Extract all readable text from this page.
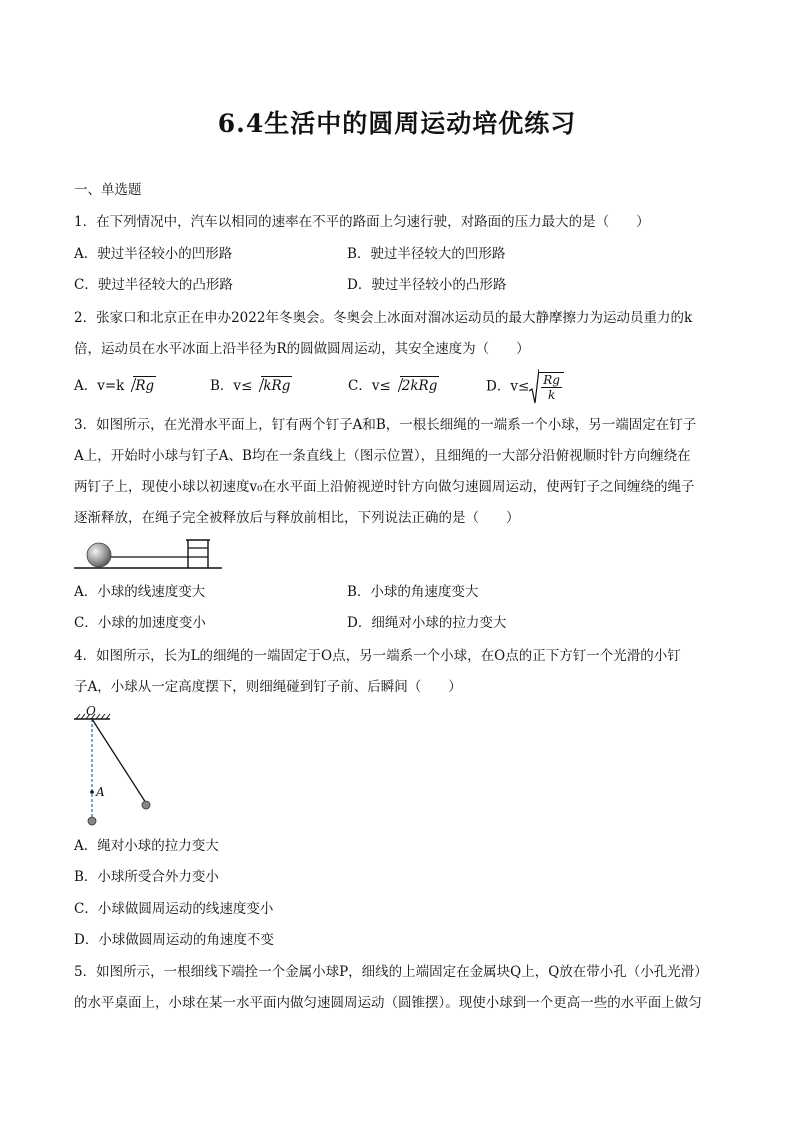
6.4生活中的圆周运动培优练习
一、单选题
1．在下列情况中，汽车以相同的速率在不平的路面上匀速行驶，对路面的压力最大的是（　　）
A．驶过半径较小的凹形路	B．驶过半径较大的凹形路
C．驶过半径较大的凸形路	D．驶过半径较小的凸形路
2．张家口和北京正在申办2022年冬奥会。冬奥会上冰面对溜冰运动员的最大静摩擦力为运动员重力的k
倍，运动员在水平冰面上沿半径为R的圆做圆周运动，其安全速度为（　　）
A．v=k Rg	B．v≤ kRg	C．v≤ 2kRg	D．$v\le \frac{Rg}{k}$
3．如图所示，在光滑水平面上，钉有两个钉子A和B，一根长细绳的一端系一个小球，另一端固定在钉子
A上，开始时小球与钉子A、B均在一条直线上（图示位置），且细绳的一大部分沿俯视顺时针方向缠绕在
两钉子上，现使小球以初速度v₀在水平面上沿俯视逆时针方向做匀速圆周运动，使两钉子之间缠绕的绳子
逐渐释放，在绳子完全被释放后与释放前相比，下列说法正确的是（　　）
A．小球的线速度变大	B．小球的角速度变大
C．小球的加速度变小	D．细绳对小球的拉力变大
4．如图所示，长为L的细绳的一端固定于O点，另一端系一个小球，在O点的正下方钉一个光滑的小钉
子A，小球从一定高度摆下，则细绳碰到钉子前、后瞬间（　　）
O
A
A．绳对小球的拉力变大
B．小球所受合外力变小
C．小球做圆周运动的线速度变小
D．小球做圆周运动的角速度不变
5．如图所示，一根细线下端拴一个金属小球P，细线的上端固定在金属块Q上，Q放在带小孔（小孔光滑）
的水平桌面上，小球在某一水平面内做匀速圆周运动（圆锥摆）。现使小球到一个更高一些的水平面上做匀
